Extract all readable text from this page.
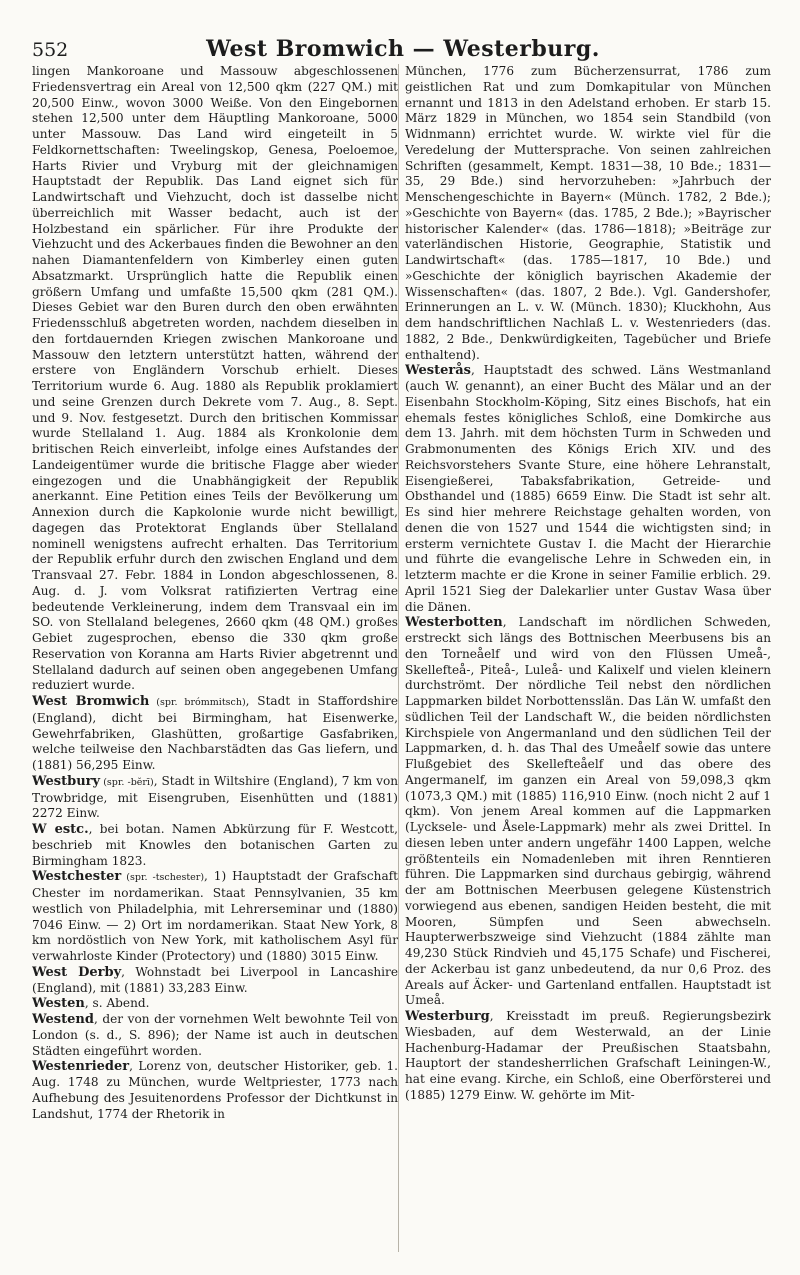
552	West Bromwich — Westerburg.

lingen Mankoroane und Massouw abgeschlossenen Friedensvertrag ein Areal von 12,500 qkm (227 QM.) mit 20,500 Einw., wovon 3000 Weiße. Von den Eingebornen stehen 12,500 unter dem Häuptling Mankoroane, 5000 unter Massouw. Das Land wird eingeteilt in 5 Feldkornettschaften: Tweelingskop, Genesa, Poeloemoe, Harts Rivier und Vryburg mit der gleichnamigen Hauptstadt der Republik. Das Land eignet sich für Landwirtschaft und Viehzucht, doch ist dasselbe nicht überreichlich mit Wasser bedacht, auch ist der Holzbestand ein spärlicher. Für ihre Produkte der Viehzucht und des Ackerbaues finden die Bewohner an den nahen Diamantenfeldern von Kimberley einen guten Absatzmarkt. Ursprünglich hatte die Republik einen größern Umfang und umfaßte 15,500 qkm (281 QM.). Dieses Gebiet war den Buren durch den oben erwähnten Friedensschluß abgetreten worden, nachdem dieselben in den fortdauernden Kriegen zwischen Mankoroane und Massouw den letztern unterstützt hatten, während der erstere von Engländern Vorschub erhielt. Dieses Territorium wurde 6. Aug. 1880 als Republik proklamiert und seine Grenzen durch Dekrete vom 7. Aug., 8. Sept. und 9. Nov. festgesetzt. Durch den britischen Kommissar wurde Stellaland 1. Aug. 1884 als Kronkolonie dem britischen Reich einverleibt, infolge eines Aufstandes der Landeigentümer wurde die britische Flagge aber wieder eingezogen und die Unabhängigkeit der Republik anerkannt. Eine Petition eines Teils der Bevölkerung um Annexion durch die Kapkolonie wurde nicht bewilligt, dagegen das Protektorat Englands über Stellaland nominell wenigstens aufrecht erhalten. Das Territorium der Republik erfuhr durch den zwischen England und dem Transvaal 27. Febr. 1884 in London abgeschlossenen, 8. Aug. d. J. vom Volksrat ratifizierten Vertrag eine bedeutende Verkleinerung, indem dem Transvaal ein im SO. von Stellaland belegenes, 2660 qkm (48 QM.) großes Gebiet zugesprochen, ebenso die 330 qkm große Reservation von Koranna am Harts Rivier abgetrennt und Stellaland dadurch auf seinen oben angegebenen Umfang reduziert wurde.

West Bromwich (spr. brómmitsch), Stadt in Staffordshire (England), dicht bei Birmingham, hat Eisenwerke, Gewehrfabriken, Glashütten, großartige Gasfabriken, welche teilweise den Nachbarstädten das Gas liefern, und (1881) 56,295 Einw.

Westbury (spr. -bĕrī), Stadt in Wiltshire (England), 7 km von Trowbridge, mit Eisengruben, Eisenhütten und (1881) 2272 Einw.

W estc., bei botan. Namen Abkürzung für F. Westcott, beschrieb mit Knowles den botanischen Garten zu Birmingham 1823.

Westchester (spr. -tschester), 1) Hauptstadt der Grafschaft Chester im nordamerikan. Staat Pennsylvanien, 35 km westlich von Philadelphia, mit Lehrerseminar und (1880) 7046 Einw. — 2) Ort im nordamerikan. Staat New York, 8 km nordöstlich von New York, mit katholischem Asyl für verwahrloste Kinder (Protectory) und (1880) 3015 Einw.

West Derby, Wohnstadt bei Liverpool in Lancashire (England), mit (1881) 33,283 Einw.

Westen, s. Abend.

Westend, der von der vornehmen Welt bewohnte Teil von London (s. d., S. 896); der Name ist auch in deutschen Städten eingeführt worden.

Westenrieder, Lorenz von, deutscher Historiker, geb. 1. Aug. 1748 zu München, wurde Weltpriester, 1773 nach Aufhebung des Jesuitenordens Professor der Dichtkunst in Landshut, 1774 der Rhetorik in

München, 1776 zum Bücherzensurrat, 1786 zum geistlichen Rat und zum Domkapitular von München ernannt und 1813 in den Adelstand erhoben. Er starb 15. März 1829 in München, wo 1854 sein Standbild (von Widnmann) errichtet wurde. W. wirkte viel für die Veredelung der Muttersprache. Von seinen zahlreichen Schriften (gesammelt, Kempt. 1831—38, 10 Bde.; 1831—35, 29 Bde.) sind hervorzuheben: »Jahrbuch der Menschengeschichte in Bayern« (Münch. 1782, 2 Bde.); »Geschichte von Bayern« (das. 1785, 2 Bde.); »Bayrischer historischer Kalender« (das. 1786—1818); »Beiträge zur vaterländischen Historie, Geographie, Statistik und Landwirtschaft« (das. 1785—1817, 10 Bde.) und »Geschichte der königlich bayrischen Akademie der Wissenschaften« (das. 1807, 2 Bde.). Vgl. Gandershofer, Erinnerungen an L. v. W. (Münch. 1830); Kluckhohn, Aus dem handschriftlichen Nachlaß L. v. Westenrieders (das. 1882, 2 Bde., Denkwürdigkeiten, Tagebücher und Briefe enthaltend).

Westerås, Hauptstadt des schwed. Läns Westmanland (auch W. genannt), an einer Bucht des Mälar und an der Eisenbahn Stockholm-Köping, Sitz eines Bischofs, hat ein ehemals festes königliches Schloß, eine Domkirche aus dem 13. Jahrh. mit dem höchsten Turm in Schweden und Grabmonumenten des Königs Erich XIV. und des Reichsvorstehers Svante Sture, eine höhere Lehranstalt, Eisengießerei, Tabaksfabrikation, Getreide- und Obsthandel und (1885) 6659 Einw. Die Stadt ist sehr alt. Es sind hier mehrere Reichstage gehalten worden, von denen die von 1527 und 1544 die wichtigsten sind; in ersterm vernichtete Gustav I. die Macht der Hierarchie und führte die evangelische Lehre in Schweden ein, in letzterm machte er die Krone in seiner Familie erblich. 29. April 1521 Sieg der Dalekarlier unter Gustav Wasa über die Dänen.

Westerbotten, Landschaft im nördlichen Schweden, erstreckt sich längs des Bottnischen Meerbusens bis an den Torneåelf und wird von den Flüssen Umeå-, Skellefteå-, Piteå-, Luleå- und Kalixelf und vielen kleinern durchströmt. Der nördliche Teil nebst den nördlichen Lappmarken bildet Norbottensslän. Das Län W. umfaßt den südlichen Teil der Landschaft W., die beiden nördlichsten Kirchspiele von Angermanland und den südlichen Teil der Lappmarken, d. h. das Thal des Umeåelf sowie das untere Flußgebiet des Skellefteåelf und das obere des Angermanelf, im ganzen ein Areal von 59,098,3 qkm (1073,3 QM.) mit (1885) 116,910 Einw. (noch nicht 2 auf 1 qkm). Von jenem Areal kommen auf die Lappmarken (Lycksele- und Åsele-Lappmark) mehr als zwei Drittel. In diesen leben unter andern ungefähr 1400 Lappen, welche größtenteils ein Nomadenleben mit ihren Renntieren führen. Die Lappmarken sind durchaus gebirgig, während der am Bottnischen Meerbusen gelegene Küstenstrich vorwiegend aus ebenen, sandigen Heiden besteht, die mit Mooren, Sümpfen und Seen abwechseln. Haupterwerbszweige sind Viehzucht (1884 zählte man 49,230 Stück Rindvieh und 45,175 Schafe) und Fischerei, der Ackerbau ist ganz unbedeutend, da nur 0,6 Proz. des Areals auf Äcker- und Gartenland entfallen. Hauptstadt ist Umeå.

Westerburg, Kreisstadt im preuß. Regierungsbezirk Wiesbaden, auf dem Westerwald, an der Linie Hachenburg-Hadamar der Preußischen Staatsbahn, Hauptort der standesherrlichen Grafschaft Leiningen-W., hat eine evang. Kirche, ein Schloß, eine Oberförsterei und (1885) 1279 Einw. W. gehörte im Mit-
